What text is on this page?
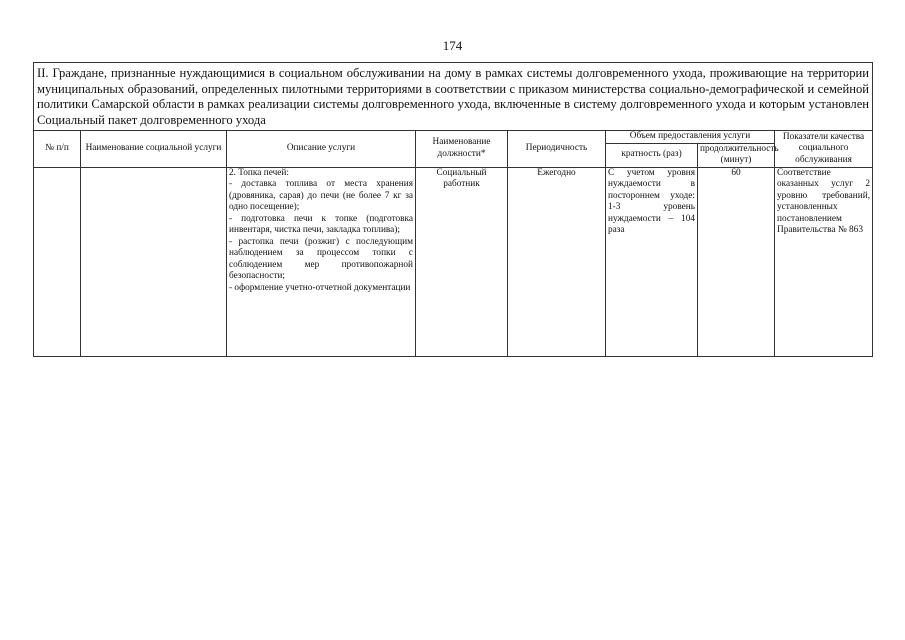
174
II. Граждане, признанные нуждающимися в социальном обслуживании на дому в рамках системы долговременного ухода, проживающие на территории муниципальных образований, определенных пилотными территориями в соответствии с приказом министерства социально-демографической и семейной политики Самарской области в рамках реализации системы долговременного ухода, включенные в систему долговременного ухода и которым установлен Социальный пакет долговременного ухода							
№ п/п	Наименование социальной услуги	Описание услуги	Наименование должности*	Периодичность	Объем предоставления услуги		Показатели качества социального обслуживания
					кратность (раз)	продолжительность (минут)	

		2. Топка печей:
- доставка топлива от места хранения (дровяника, сарая) до печи (не более 7 кг за одно посещение);
- подготовка печи к топке (подготовка инвентаря, чистка печи, закладка топлива);
- растопка печи (розжиг) с последующим наблюдением за процессом топки с соблюдением мер противопожарной безопасности;
- оформление учетно-отчетной документации	Социальный работник	Ежегодно	С учетом уровня нуждаемости в постороннем уходе: 1-3 уровень нуждаемости – 104 раза	60	Соответствие оказанных услуг 2 уровню требований, установленных постановлением Правительства № 863
